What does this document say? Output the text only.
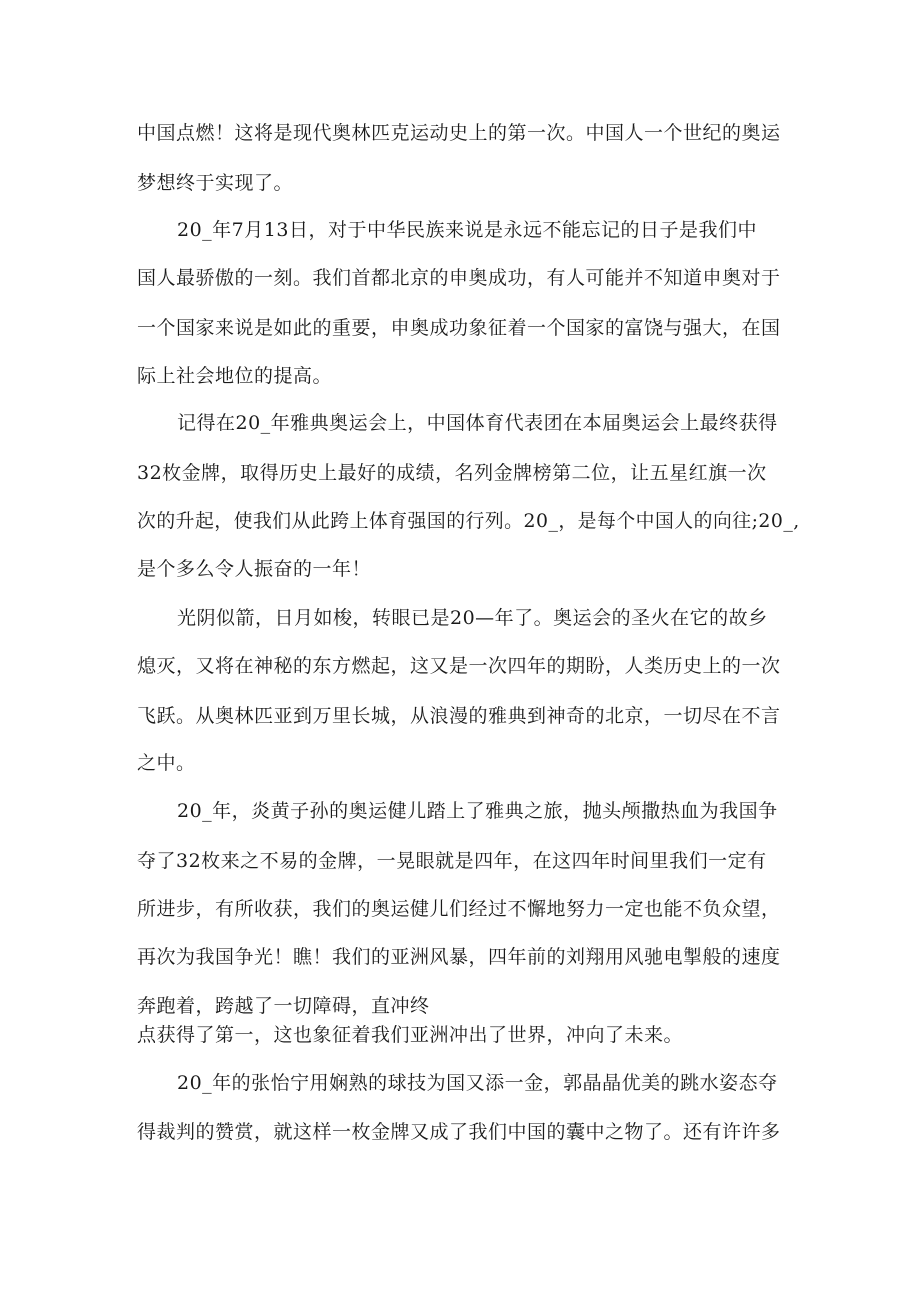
中国点燃！这将是现代奥林匹克运动史上的第一次。中国人一个世纪的奥运
梦想终于实现了。
20_年7月13日，对于中华民族来说是永远不能忘记的日子是我们中
国人最骄傲的一刻。我们首都北京的申奥成功，有人可能并不知道申奥对于
一个国家来说是如此的重要，申奥成功象征着一个国家的富饶与强大，在国
际上社会地位的提高。
记得在20_年雅典奥运会上，中国体育代表团在本届奥运会上最终获得
32枚金牌，取得历史上最好的成绩，名列金牌榜第二位，让五星红旗一次
次的升起，使我们从此跨上体育强国的行列。20_，是每个中国人的向往;20_,
是个多么令人振奋的一年！
光阴似箭，日月如梭，转眼已是20—年了。奥运会的圣火在它的故乡
熄灭，又将在神秘的东方燃起，这又是一次四年的期盼，人类历史上的一次
飞跃。从奥林匹亚到万里长城，从浪漫的雅典到神奇的北京，一切尽在不言
之中。
20_年，炎黄子孙的奥运健儿踏上了雅典之旅，抛头颅撒热血为我国争
夺了32枚来之不易的金牌，一晃眼就是四年，在这四年时间里我们一定有
所进步，有所收获，我们的奥运健儿们经过不懈地努力一定也能不负众望，
再次为我国争光！瞧！我们的亚洲风暴，四年前的刘翔用风驰电掣般的速度
奔跑着，跨越了一切障碍，直冲终
点获得了第一，这也象征着我们亚洲冲出了世界，冲向了未来。
20_年的张怡宁用娴熟的球技为国又添一金，郭晶晶优美的跳水姿态夺
得裁判的赞赏，就这样一枚金牌又成了我们中国的囊中之物了。还有许许多
